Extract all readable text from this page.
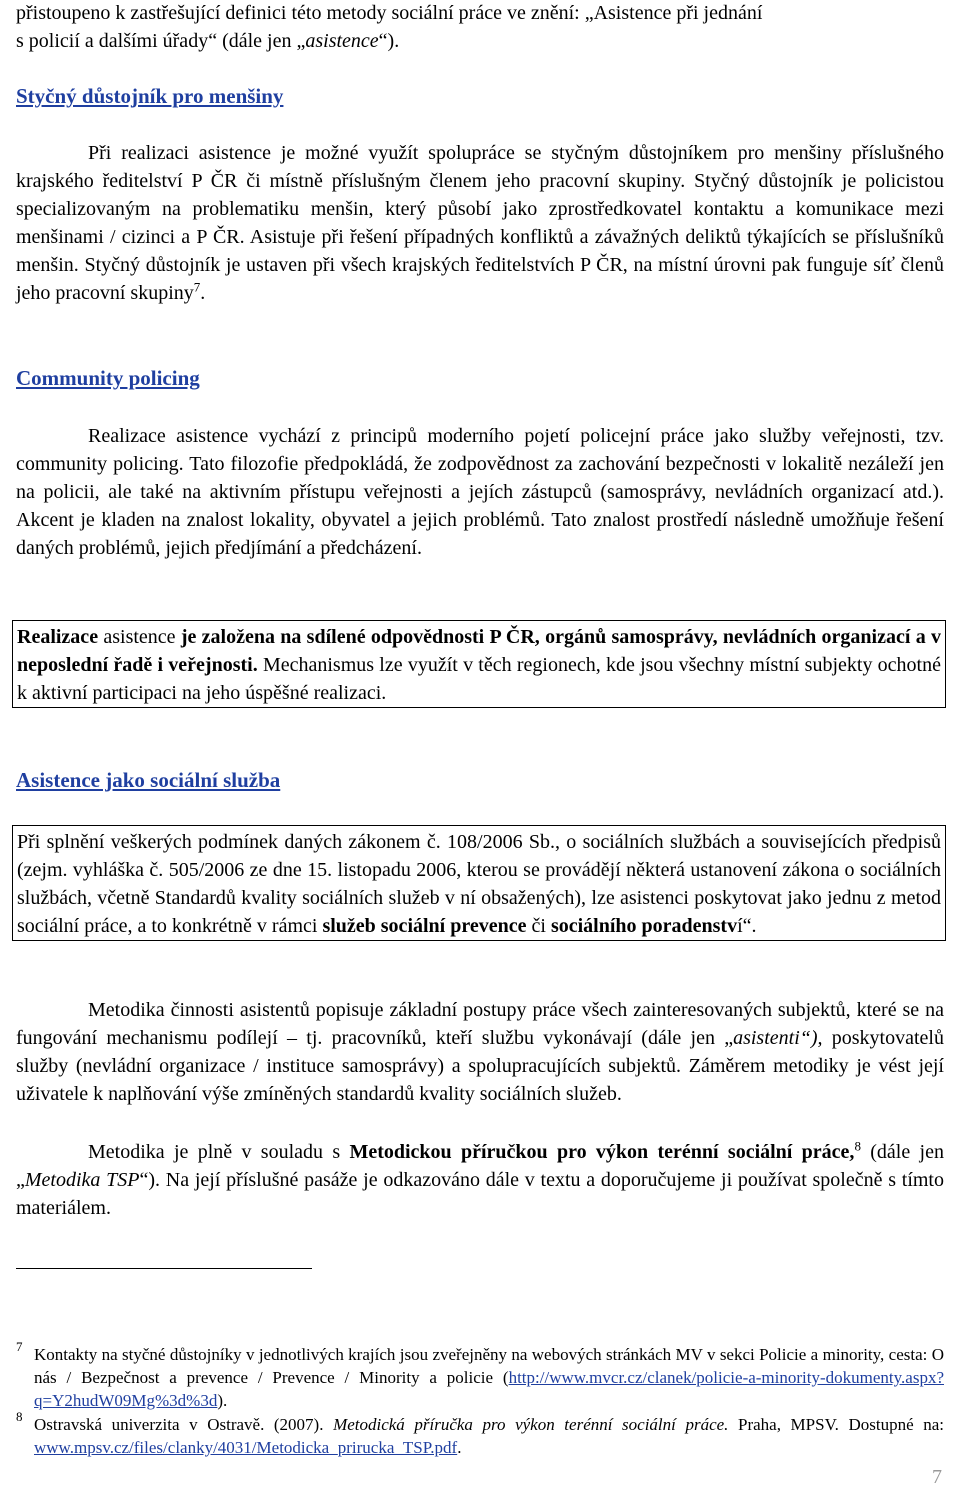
přistoupeno k zastřešující definici této metody sociální práce ve znění: „Asistence při jednání
s policií a dalšími úřady“ (dále jen „asistence“).
Styčný důstojník pro menšiny
Při realizaci asistence je možné využít spolupráce se styčným důstojníkem pro menšiny příslušného krajského ředitelství P ČR či místně příslušným členem jeho pracovní skupiny. Styčný důstojník je policistou specializovaným na problematiku menšin, který působí jako zprostředkovatel kontaktu a komunikace mezi menšinami / cizinci a P ČR. Asistuje při řešení případných konfliktů a závažných deliktů týkajících se příslušníků menšin. Styčný důstojník je ustaven při všech krajských ředitelstvích P ČR, na místní úrovni pak funguje síť členů jeho pracovní skupiny$^7$.
Community policing
Realizace asistence vychází z principů moderního pojetí policejní práce jako služby veřejnosti, tzv. community policing. Tato filozofie předpokládá, že zodpovědnost za zachování bezpečnosti v lokalitě nezáleží jen na policii, ale také na aktivním přístupu veřejnosti a jejích zástupců (samosprávy, nevládních organizací atd.). Akcent je kladen na znalost lokality, obyvatel a jejich problémů. Tato znalost prostředí následně umožňuje řešení daných problémů, jejich předjímání a předcházení.
Realizace asistence je založena na sdílené odpovědnosti P ČR, orgánů samosprávy, nevládních organizací a v neposlední řadě i veřejnosti. Mechanismus lze využít v těch regionech, kde jsou všechny místní subjekty ochotné k aktivní participaci na jeho úspěšné realizaci.
Asistence jako sociální služba
Při splnění veškerých podmínek daných zákonem č. 108/2006 Sb., o sociálních službách a souvisejících předpisů (zejm. vyhláška č. 505/2006 ze dne 15. listopadu 2006, kterou se provádějí některá ustanovení zákona o sociálních službách, včetně Standardů kvality sociálních služeb v ní obsažených), lze asistenci poskytovat jako jednu z metod sociální práce, a to konkrétně v rámci služeb sociální prevence či sociálního poradenství“.
Metodika činnosti asistentů popisuje základní postupy práce všech zainteresovaných subjektů, které se na fungování mechanismu podílejí – tj. pracovníků, kteří službu vykonávají (dále jen „asistenti“), poskytovatelů služby (nevládní organizace / instituce samosprávy) a spolupracujících subjektů. Záměrem metodiky je vést její uživatele k naplňování výše zmíněných standardů kvality sociálních služeb.
Metodika je plně v souladu s Metodickou příručkou pro výkon terénní sociální práce,$^8$ (dále jen „Metodika TSP“). Na její příslušné pasáže je odkazováno dále v textu a doporučujeme ji používat společně s tímto materiálem.
7 Kontakty na styčné důstojníky v jednotlivých krajích jsou zveřejněny na webových stránkách MV v sekci Policie a minority, cesta: O nás / Bezpečnost a prevence / Prevence / Minority a policie (http://www.mvcr.cz/clanek/policie-a-minority-dokumenty.aspx?q=Y2hudW09Mg%3d%3d).
8 Ostravská univerzita v Ostravě. (2007). Metodická příručka pro výkon terénní sociální práce. Praha, MPSV. Dostupné na: www.mpsv.cz/files/clanky/4031/Metodicka_prirucka_TSP.pdf.
7
